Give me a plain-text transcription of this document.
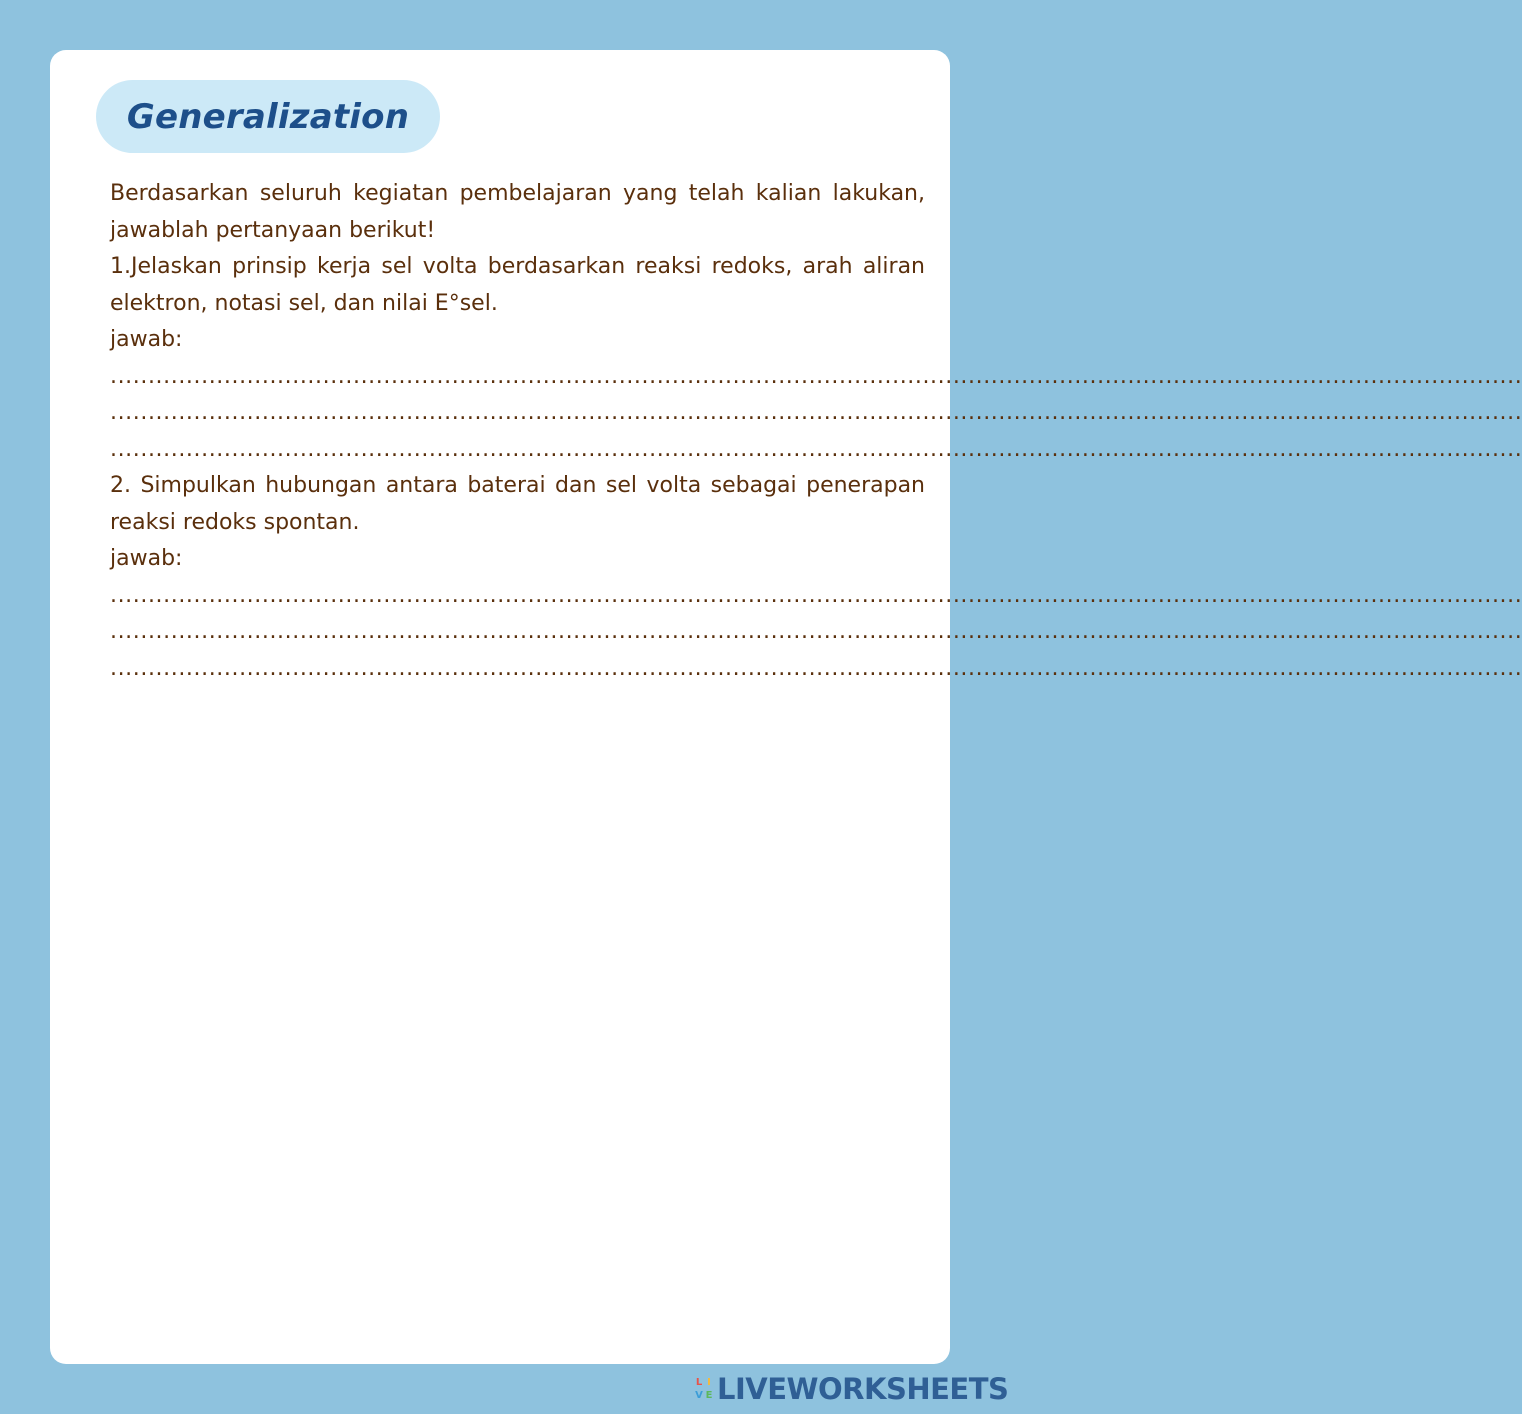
Generalization

Berdasarkan seluruh kegiatan pembelajaran yang telah kalian lakukan, jawablah pertanyaan berikut!

1.Jelaskan prinsip kerja sel volta berdasarkan reaksi redoks, arah aliran elektron, notasi sel, dan nilai E°sel.

jawab:

..........................................................................................................................................................................................

..........................................................................................................................................................................................

..........................................................................................................................................................................................

2. Simpulkan hubungan antara baterai dan sel volta sebagai penerapan reaksi redoks spontan.

jawab:

..........................................................................................................................................................................................

..........................................................................................................................................................................................

..........................................................................................................................................................................................

L I
V E LIVEWORKSHEETS
